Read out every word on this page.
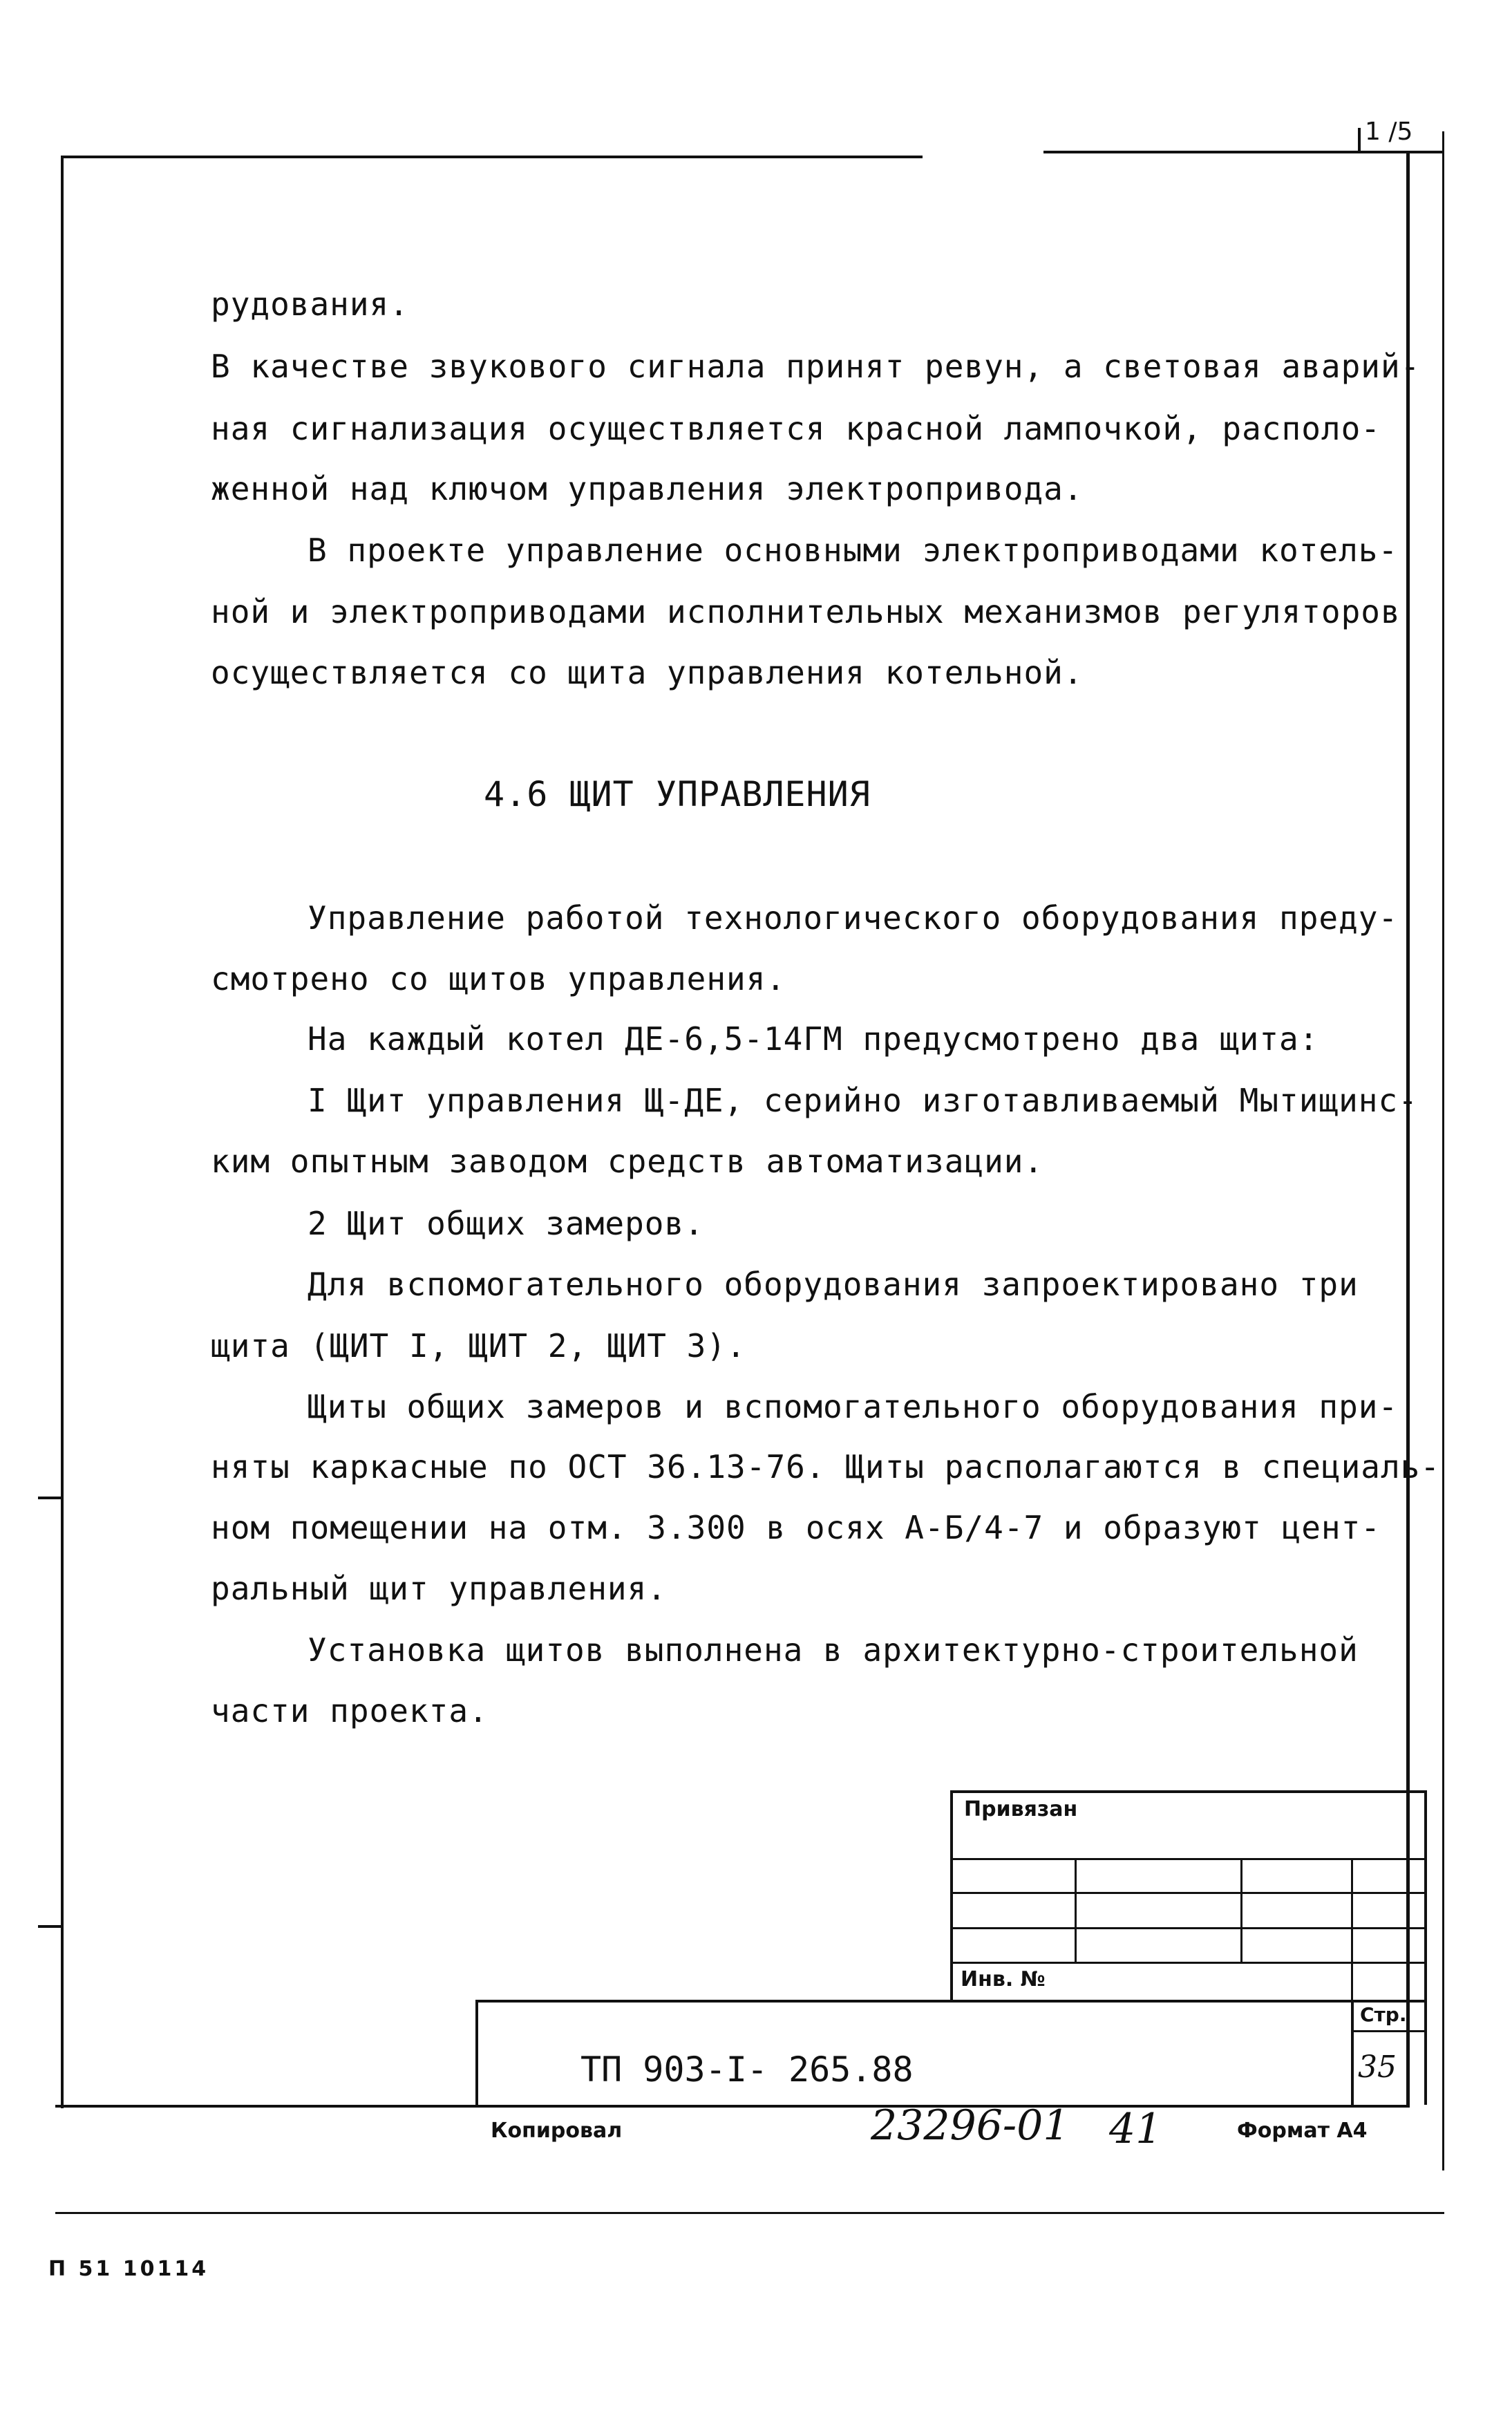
1 /5
рудования.
В качестве звукового сигнала принят ревун, а световая аварий-
ная сигнализация осуществляется красной лампочкой, располо-
женной над ключом управления электропривода.
В проекте управление основными электроприводами котель-
ной и электроприводами исполнительных механизмов регуляторов
осуществляется со щита управления котельной.
4.6 ЩИТ УПРАВЛЕНИЯ
Управление работой технологического оборудования преду-
смотрено со щитов управления.
На каждый котел ДЕ-6,5-14ГМ предусмотрено два щита:
I Щит управления Щ-ДЕ, серийно изготавливаемый Мытищинс-
ким опытным заводом средств автоматизации.
2 Щит общих замеров.
Для вспомогательного оборудования запроектировано три
щита (ЩИТ I, ЩИТ 2, ЩИТ 3).
Щиты общих замеров и вспомогательного оборудования при-
няты каркасные по ОСТ 36.13-76. Щиты располагаются в специаль-
ном помещении на отм. 3.300 в осях А-Б/4-7 и образуют цент-
ральный щит управления.
Установка щитов выполнена в архитектурно-строительной
части проекта.
Привязан
Инв. №
Стр.
35
ТП 903-I- 265.88
Копировал	23296-01 41	Формат А4
П 51 10114
